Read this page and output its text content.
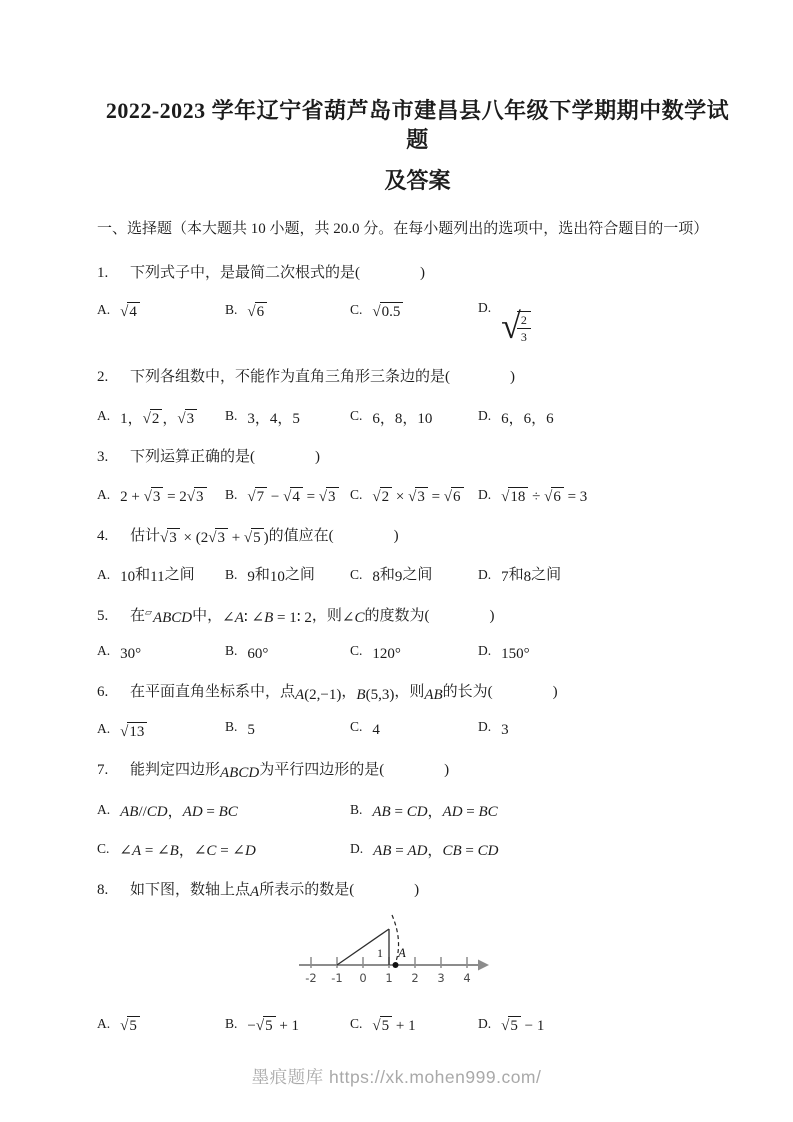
2022-2023 学年辽宁省葫芦岛市建昌县八年级下学期期中数学试题
及答案
一、选择题（本大题共 10 小题，共 20.0 分。在每小题列出的选项中，选出符合题目的一项）
1. 下列式子中，是最简二次根式的是(　　　　)
A. √4	B. √6	C. √0.5	D. √
$\frac{2}{3}$
2. 下列各组数中，不能作为直角三角形三条边的是(　　　　)
A. 1，√2 ，√3 B. 3，4，5	C. 6，8，10	D. 6，6，6
3. 下列运算正确的是(　　　　)
A. 2 + √3 = 2√3 B. √7 − √4 = √3 C. √2 × √3 = √6 D. √18 ÷ √6 = 3
4. 估计√3 × (2√3 + √5 )的值应在(　　　　)
A. 10和11之间 B. 9和10之间	C. 8和9之间	D. 7和8之间
5. 在▱ABCD中，∠A∶ ∠B = 1∶ 2，则∠C的度数为(　　　　)
A. 30°	B. 60°	C. 120°	D. 150°
6. 在平面直角坐标系中，点A(2,−1)，B(5,3)，则AB的长为(　　　　)
A. √13	B. 5	C. 4	D. 3
7. 能判定四边形ABCD为平行四边形的是(　　　　)
A. AB//CD，AD = BC	B. AB = CD，AD = BC
C. ∠A = ∠B，∠C = ∠D	D. AB = AD，CB = CD
8. 如下图，数轴上点A所表示的数是(　　　　)
-2 -1 0 1 2 3 4
1 A
A. √5	B. −√5 + 1	C. √5 + 1	D. √5 − 1
墨痕题库 https://xk.mohen999.com/
